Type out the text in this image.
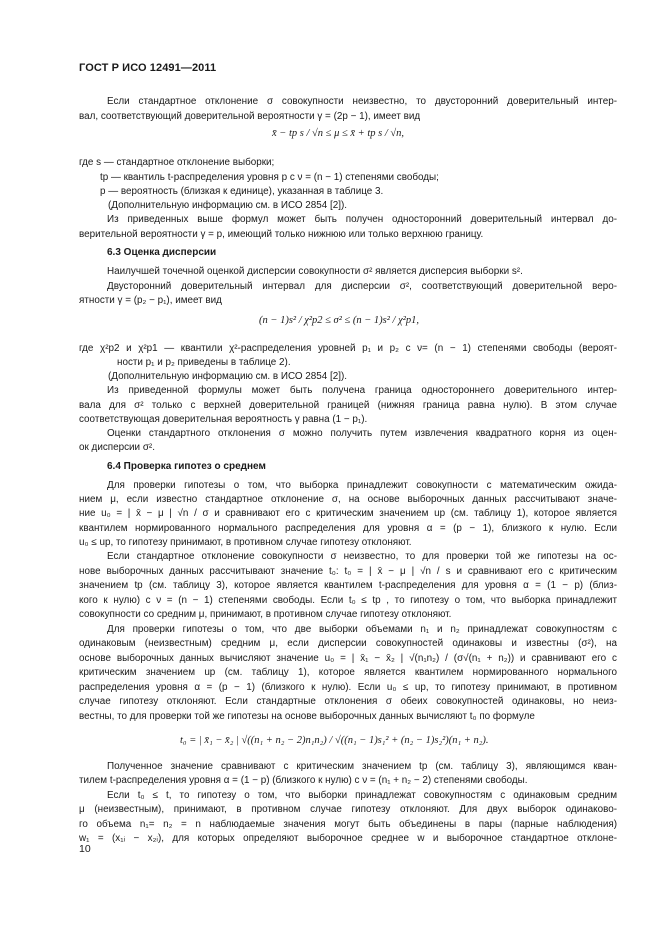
ГОСТ Р ИСО 12491—2011
Если стандартное отклонение σ совокупности неизвестно, то двусторонний доверительный интер-
вал, соответствующий доверительной вероятности γ = (2p − 1), имеет вид
где s — стандартное отклонение выборки;
tp — квантиль t-распределения уровня p с ν = (n − 1) степенями свободы;
p — вероятность (близкая к единице), указанная в таблице 3.
(Дополнительную информацию см. в ИСО 2854 [2]).
Из приведенных выше формул может быть получен односторонний доверительный интервал до-
верительной вероятности γ = p, имеющий только нижнюю или только верхнюю границу.
Наилучшей точечной оценкой дисперсии совокупности σ² является дисперсия выборки s².
Двусторонний доверительный интервал для дисперсии σ², соответствующий доверительной веро-
ятности γ = (p₂ − p₁), имеет вид
где χ²p2 и χ²p1 — квантили χ²-распределения уровней p₁ и p₂ с ν= (n − 1) степенями свободы (вероят-
ности p₁ и p₂ приведены в таблице 2).
(Дополнительную информацию см. в ИСО 2854 [2]).
Из приведенной формулы может быть получена граница одностороннего доверительного интер-
вала для σ² только с верхней доверительной границей (нижняя граница равна нулю). В этом случае
соответствующая доверительная вероятность γ равна (1 − p₁).
Оценки стандартного отклонения σ можно получить путем извлечения квадратного корня из оцен-
ок дисперсии σ².
Для проверки гипотезы о том, что выборка принадлежит совокупности с математическим ожида-
нием μ, если известно стандартное отклонение σ, на основе выборочных данных рассчитывают значе-
ние u₀ = | x̄ − μ | √n / σ и сравнивают его с критическим значением up (см. таблицу 1), которое является
квантилем нормированного нормального распределения для уровня α = (p − 1), близкого к нулю. Если
u₀ ≤ up, то гипотезу принимают, в противном случае гипотезу отклоняют.
Если стандартное отклонение совокупности σ неизвестно, то для проверки той же гипотезы на ос-
нове выборочных данных рассчитывают значение t₀: t₀ = | x̄ − μ | √n / s и сравнивают его с критическим
значением tp (см. таблицу 3), которое является квантилем t-распределения для уровня α = (1 − p) (близ-
кого к нулю) с ν = (n − 1) степенями свободы. Если t₀ ≤ tp , то гипотезу о том, что выборка принадлежит
совокупности со средним μ, принимают, в противном случае гипотезу отклоняют.
Для проверки гипотезы о том, что две выборки объемами n₁ и n₂ принадлежат совокупностям с
одинаковым (неизвестным) средним μ, если дисперсии совокупностей одинаковы и известны (σ²), на
основе выборочных данных вычисляют значение u₀ = | x̄₁ − x̄₂ | √(n₁n₂) / (σ√(n₁ + n₂)) и сравнивают его с
критическим значением up (см. таблицу 1), которое является квантилем нормированного нормального
распределения уровня α = (p − 1) (близкого к нулю). Если u₀ ≤ up, то гипотезу принимают, в противном
случае гипотезу отклоняют. Если стандартные отклонения σ обеих совокупностей одинаковы, но неиз-
вестны, то для проверки той же гипотезы на основе выборочных данных вычисляют t₀ по формуле
Полученное значение сравнивают с критическим значением tp (см. таблицу 3), являющимся кван-
тилем t-распределения уровня α = (1 − p) (близкого к нулю) с ν = (n₁ + n₂ − 2) степенями свободы.
Если t₀ ≤ t, то гипотезу о том, что выборки принадлежат совокупностям с одинаковым средним
μ (неизвестным), принимают, в противном случае гипотезу отклоняют. Для двух выборок одинаково-
го объема n₁= n₂ = n наблюдаемые значения могут быть объединены в пары (парные наблюдения)
w₁ = (x₁ᵢ − x₂ᵢ), для которых определяют выборочное среднее w и выборочное стандартное отклоне-
6.3 Оценка дисперсии
6.4 Проверка гипотез о среднем
x̄ − tp s / √n ≤ μ ≤ x̄ + tp s / √n,
(n − 1)s² / χ²p2 ≤ σ² ≤ (n − 1)s² / χ²p1,
t₀ = | x̄₁ − x̄₂ | √((n₁ + n₂ − 2)n₁n₂) / √((n₁ − 1)s₁² + (n₂ − 1)s₂²)(n₁ + n₂).
10
